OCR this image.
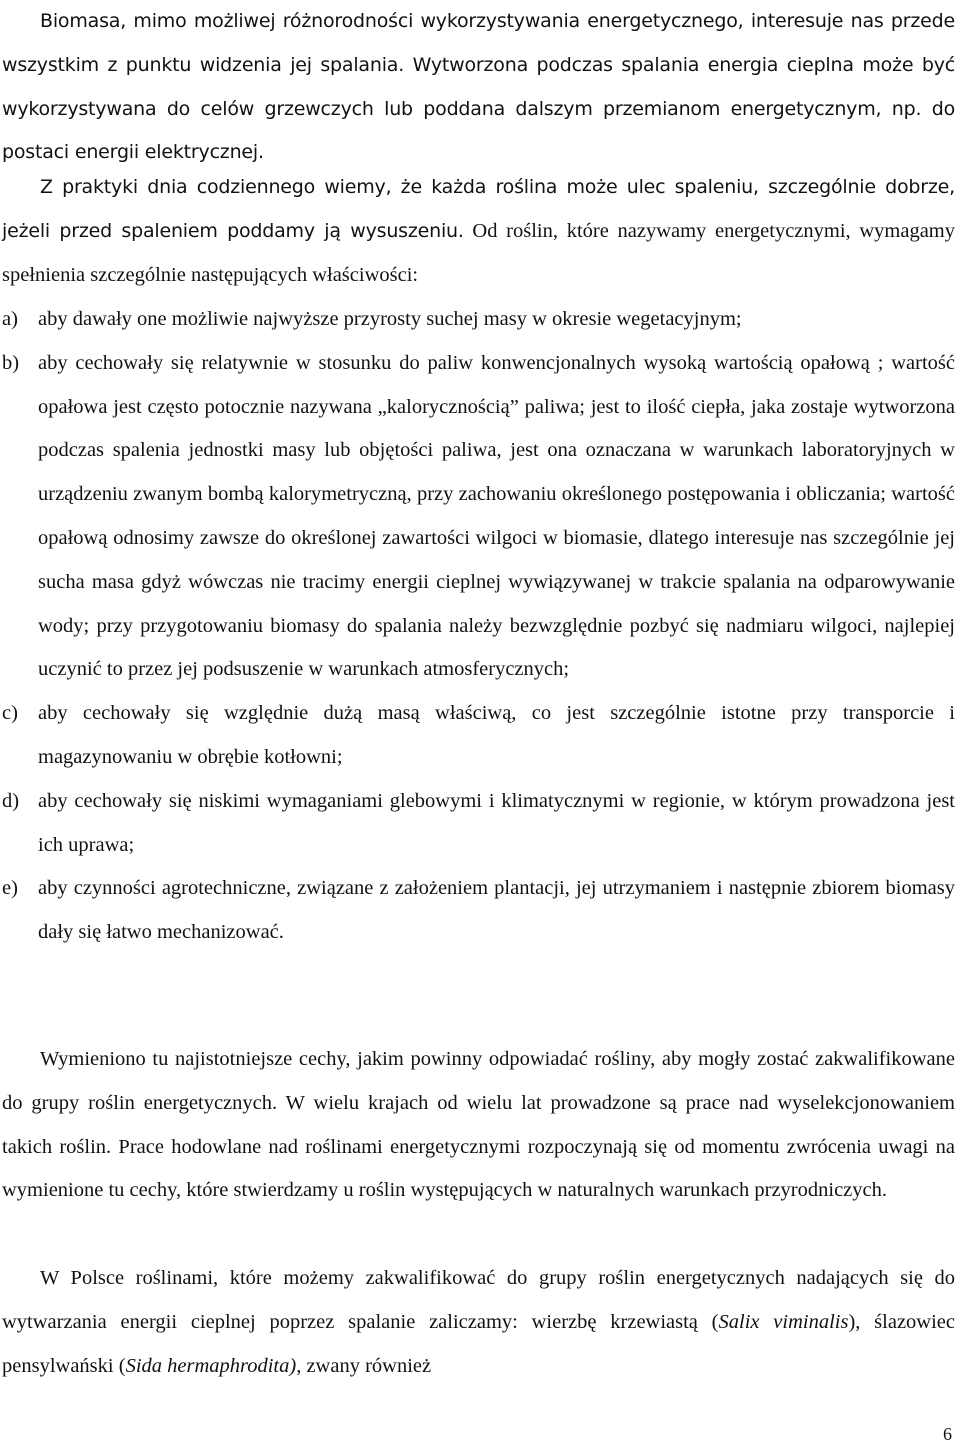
Biomasa, mimo możliwej różnorodności wykorzystywania energetycznego, interesuje nas przede wszystkim z punktu widzenia jej spalania. Wytworzona podczas spalania energia cieplna może być wykorzystywana do celów grzewczych lub poddana dalszym przemianom energetycznym, np. do postaci energii elektrycznej.

Z praktyki dnia codziennego wiemy, że każda roślina może ulec spaleniu, szczególnie dobrze, jeżeli przed spaleniem poddamy ją wysuszeniu. Od roślin, które nazywamy energetycznymi, wymagamy spełnienia szczególnie następujących właściwości:

a) aby dawały one możliwie najwyższe przyrosty suchej masy w okresie wegetacyjnym;
b) aby cechowały się relatywnie w stosunku do paliw konwencjonalnych wysoką wartością opałową ; wartość opałowa jest często potocznie nazywana „kalorycznością” paliwa; jest to ilość ciepła, jaka zostaje wytworzona podczas spalenia jednostki masy lub objętości paliwa, jest ona oznaczana w warunkach laboratoryjnych w urządzeniu zwanym bombą kalorymetryczną, przy zachowaniu określonego postępowania i obliczania; wartość opałową odnosimy zawsze do określonej zawartości wilgoci w biomasie, dlatego interesuje nas szczególnie jej sucha masa gdyż wówczas nie tracimy energii cieplnej wywiązywanej w trakcie spalania na odparowywanie wody; przy przygotowaniu biomasy do spalania należy bezwzględnie pozbyć się nadmiaru wilgoci, najlepiej uczynić to przez jej podsuszenie w warunkach atmosferycznych;
c) aby cechowały się względnie dużą masą właściwą, co jest szczególnie istotne przy transporcie i magazynowaniu w obrębie kotłowni;
d) aby cechowały się niskimi wymaganiami glebowymi i klimatycznymi w regionie, w którym prowadzona jest ich uprawa;
e) aby czynności agrotechniczne, związane z założeniem plantacji, jej utrzymaniem i następnie zbiorem biomasy dały się łatwo mechanizować.

Wymieniono tu najistotniejsze cechy, jakim powinny odpowiadać rośliny, aby mogły zostać zakwalifikowane do grupy roślin energetycznych. W wielu krajach od wielu lat prowadzone są prace nad wyselekcjonowaniem takich roślin. Prace hodowlane nad roślinami energetycznymi rozpoczynają się od momentu zwrócenia uwagi na wymienione tu cechy, które stwierdzamy u roślin występujących w naturalnych warunkach przyrodniczych.

W Polsce roślinami, które możemy zakwalifikować do grupy roślin energetycznych nadających się do wytwarzania energii cieplnej poprzez spalanie zaliczamy: wierzbę krzewiastą (Salix viminalis), ślazowiec pensylwański (Sida hermaphrodita), zwany również

6
